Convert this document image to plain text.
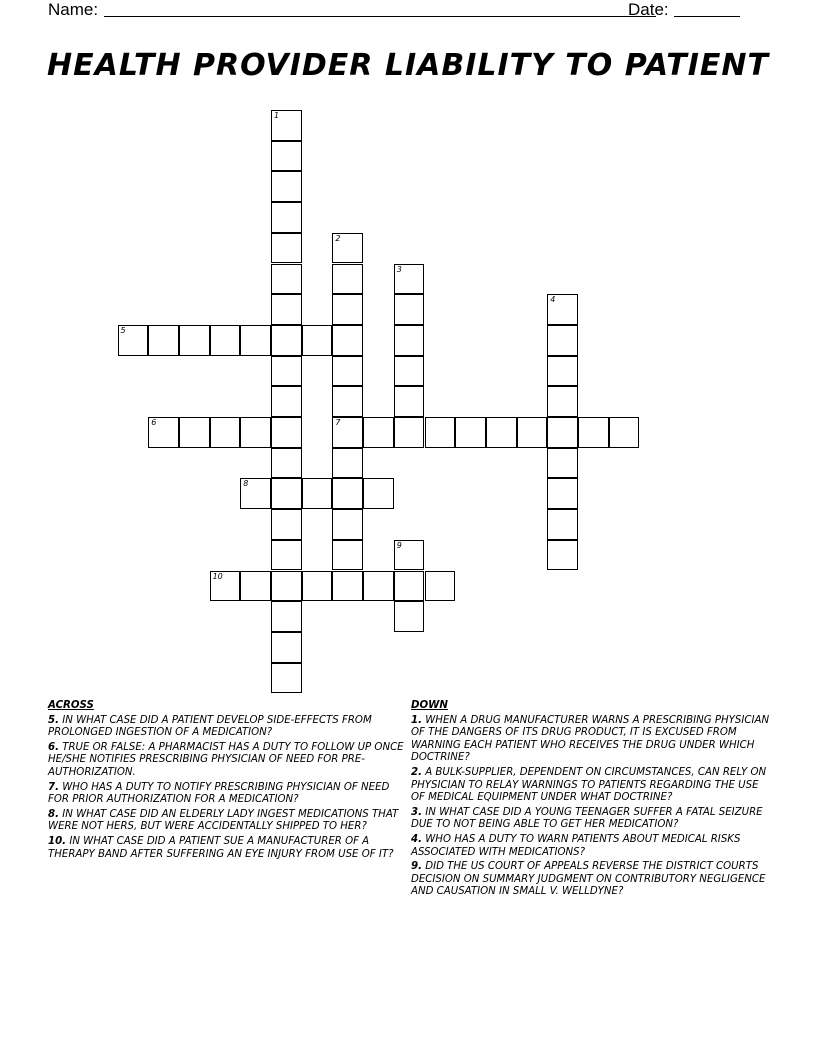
Name:	Date:
HEALTH PROVIDER LIABILITY TO PATIENT
1
2
7
3
4
5
6
8
9
10
ACROSS
5. IN WHAT CASE DID A PATIENT DEVELOP SIDE-EFFECTS FROM PROLONGED INGESTION OF A MEDICATION?
6. TRUE OR FALSE: A PHARMACIST HAS A DUTY TO FOLLOW UP ONCE HE/SHE NOTIFIES PRESCRIBING PHYSICIAN OF NEED FOR PRE-AUTHORIZATION.
7. WHO HAS A DUTY TO NOTIFY PRESCRIBING PHYSICIAN OF NEED FOR PRIOR AUTHORIZATION FOR A MEDICATION?
8. IN WHAT CASE DID AN ELDERLY LADY INGEST MEDICATIONS THAT WERE NOT HERS, BUT WERE ACCIDENTALLY SHIPPED TO HER?
10. IN WHAT CASE DID A PATIENT SUE A MANUFACTURER OF A THERAPY BAND AFTER SUFFERING AN EYE INJURY FROM USE OF IT?
DOWN
1. WHEN A DRUG MANUFACTURER WARNS A PRESCRIBING PHYSICIAN OF THE DANGERS OF ITS DRUG PRODUCT, IT IS EXCUSED FROM WARNING EACH PATIENT WHO RECEIVES THE DRUG UNDER WHICH DOCTRINE?
2. A BULK-SUPPLIER, DEPENDENT ON CIRCUMSTANCES, CAN RELY ON PHYSICIAN TO RELAY WARNINGS TO PATIENTS REGARDING THE USE OF MEDICAL EQUIPMENT UNDER WHAT DOCTRINE?
3. IN WHAT CASE DID A YOUNG TEENAGER SUFFER A FATAL SEIZURE DUE TO NOT BEING ABLE TO GET HER MEDICATION?
4. WHO HAS A DUTY TO WARN PATIENTS ABOUT MEDICAL RISKS ASSOCIATED WITH MEDICATIONS?
9. DID THE US COURT OF APPEALS REVERSE THE DISTRICT COURTS DECISION ON SUMMARY JUDGMENT ON CONTRIBUTORY NEGLIGENCE AND CAUSATION IN SMALL V. WELLDYNE?
